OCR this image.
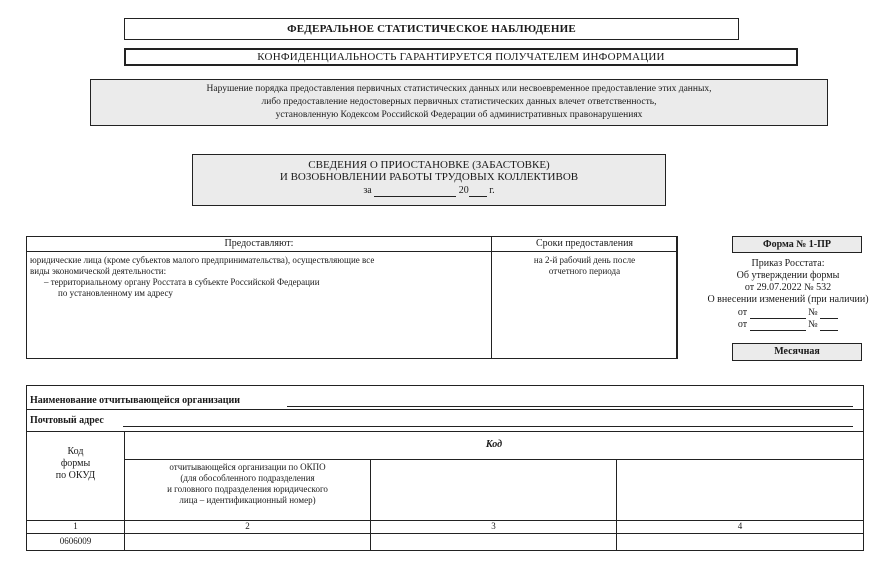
ФЕДЕРАЛЬНОЕ СТАТИСТИЧЕСКОЕ НАБЛЮДЕНИЕ
КОНФИДЕНЦИАЛЬНОСТЬ ГАРАНТИРУЕТСЯ ПОЛУЧАТЕЛЕМ ИНФОРМАЦИИ
Нарушение порядка предоставления первичных статистических данных или несвоевременное предоставление этих данных,
либо предоставление недостоверных первичных статистических данных влечет ответственность,
установленную Кодексом Российской Федерации об административных правонарушениях
СВЕДЕНИЯ О ПРИОСТАНОВКЕ (ЗАБАСТОВКЕ)
И ВОЗОБНОВЛЕНИИ РАБОТЫ ТРУДОВЫХ КОЛЛЕКТИВОВ
за	20 г.
Предоставляют:	Сроки предоставления
юридические лица (кроме субъектов малого предпринимательства), осуществляющие все
виды экономической деятельности:
– территориальному органу Росстата в субъекте Российской Федерации
по установленному им адресу
на 2-й рабочий день после
отчетного периода
Форма № 1-ПР
Приказ Росстата:
Об утверждении формы
от 29.07.2022 № 532
О внесении изменений (при наличии)
от	№
от	№
Месячная
Наименование отчитывающейся организации
Почтовый адрес
Код
формы
по ОКУД
Код
отчитывающейся организации по ОКПО
(для обособленного подразделения
и головного подразделения юридического
лица – идентификационный номер)
1	2	3	4
0606009
